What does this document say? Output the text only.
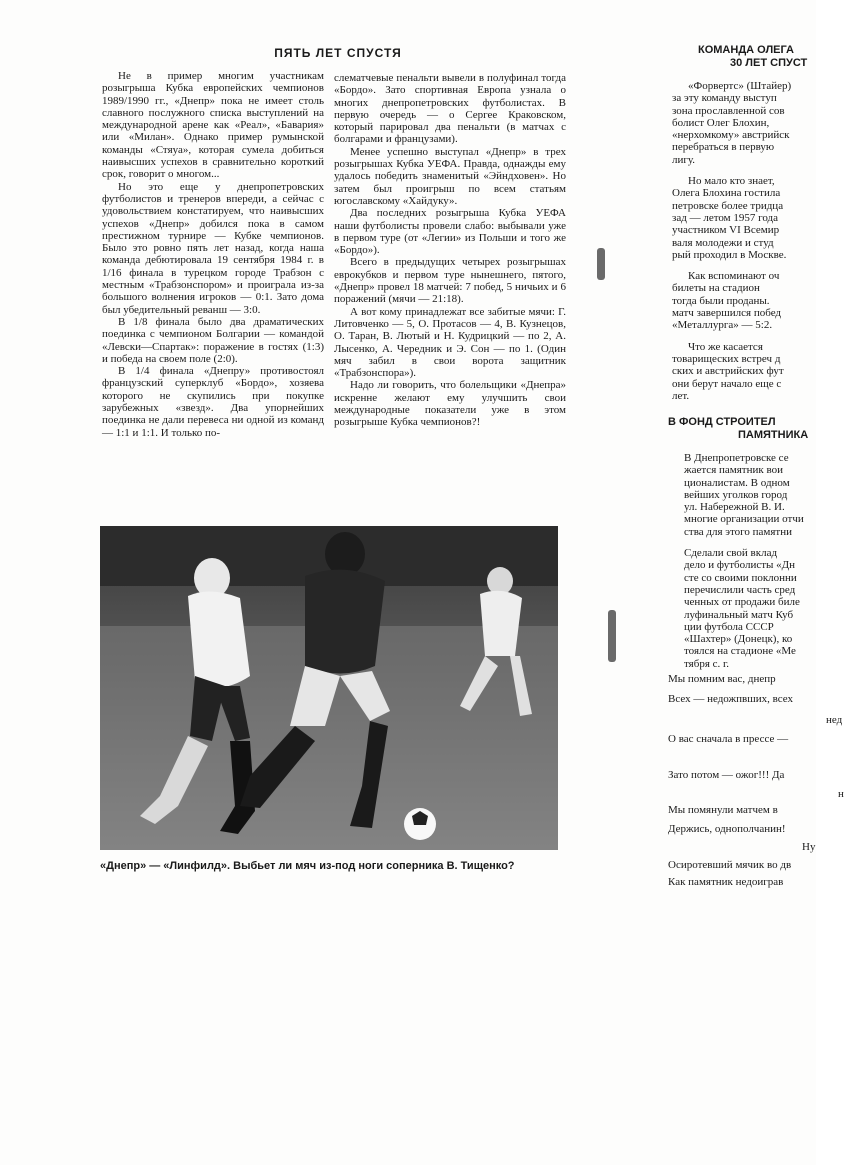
ПЯТЬ ЛЕТ СПУСТЯ

Не в пример многим участникам розыгрыша Кубка европейских чемпионов 1989/1990 гг., «Днепр» пока не имеет столь славного послужного списка выступлений на международной арене как «Реал», «Бавария» или «Милан». Однако пример румынской команды «Стяуа», которая сумела добиться наивысших успехов в сравнительно короткий срок, говорит о многом...

Но это еще у днепропетровских футболистов и тренеров впереди, а сейчас с удовольствием констатируем, что наивысших успехов «Днепр» добился пока в самом престижном турнире — Кубке чемпионов. Было это ровно пять лет назад, когда наша команда дебютировала 19 сентября 1984 г. в 1/16 финала в турецком городе Трабзон с местным «Трабзонспором» и проиграла из-за большого волнения игроков — 0:1. Зато дома был убедительный реванш — 3:0.

В 1/8 финала было два драматических поединка с чемпионом Болгарии — командой «Левски—Спартак»: поражение в гостях (1:3) и победа на своем поле (2:0).

В 1/4 финала «Днепру» противостоял французский суперклуб «Бордо», хозяева которого не скупились при покупке зарубежных «звезд». Два упорнейших поединка не дали перевеса ни одной из команд — 1:1 и 1:1. И только по-

слематчевые пенальти вывели в полуфинал тогда «Бордо». Зато спортивная Европа узнала о многих днепропетровских футболистах. В первую очередь — о Сергее Краковском, который парировал два пенальти (в матчах с болгарами и французами).

Менее успешно выступал «Днепр» в трех розыгрышах Кубка УЕФА. Правда, однажды ему удалось победить знаменитый «Эйндховен». Но затем был проигрыш по всем статьям югославскому «Хайдуку».

Два последних розыгрыша Кубка УЕФА наши футболисты провели слабо: выбывали уже в первом туре (от «Легии» из Польши и того же «Бордо»).

Всего в предыдущих четырех розыгрышах еврокубков и первом туре нынешнего, пятого, «Днепр» провел 18 матчей: 7 побед, 5 ничьих и 6 поражений (мячи — 21:18).

А вот кому принадлежат все забитые мячи: Г. Литовченко — 5, О. Протасов — 4, В. Кузнецов, О. Таран, В. Лютый и Н. Кудрицкий — по 2, А. Лысенко, А. Чередник и Э. Сон — по 1. (Один мяч забил в свои ворота защитник «Трабзонспора»).

Надо ли говорить, что болельщики «Днепра» искренне желают ему улучшить свои международные показатели уже в этом розыгрыше Кубка чемпионов?!

«Днепр» — «Линфилд». Выбьет ли мяч из-под ноги соперника В. Тищенко?
КОМАНДА ОЛЕГА
30 ЛЕТ СПУСТ

«Форвертс» (Штайер)

за эту команду выступ

зона прославленной сов

болист Олег Блохин,

«нерхомкому» австрийск

перебраться в первую

лигу.

Но мало кто знает,

Олега Блохина гостила

петровске более тридца

зад — летом 1957 года

участником VI Всемир

валя молодежи и студ

рый проходил в Москве.

Как вспоминают оч

билеты на стадион

тогда были проданы.

матч завершился побед

«Металлурга» — 5:2.

Что же касается

товарищеских встреч д

ских и австрийских фут

они берут начало еще с

лет.

В ФОНД СТРОИТЕЛ
ПАМЯТНИКА

В Днепропетровске се

жается памятник вои

ционалистам. В одном

вейших уголков город

ул. Набережной В. И.

многие организации отчи

ства для этого памятни

Сделали свой вклад

дело и футболисты «Дн

сте со своими поклонни

перечислили часть сред

ченных от продажи биле

луфинальный матч Куб

ции футбола СССР

«Шахтер» (Донецк), ко

тоялся на стадионе «Ме

тября с. г.

Мы помним вас, днепр
Всех — недожпвших, всех
нед
О вас сначала в прессе —
Зато потом — ожог!!! Да
н
Мы помянули матчем в
Держись, однополчанин!
Ну
Осиротевший мячик во дв
Как памятник недоиграв
